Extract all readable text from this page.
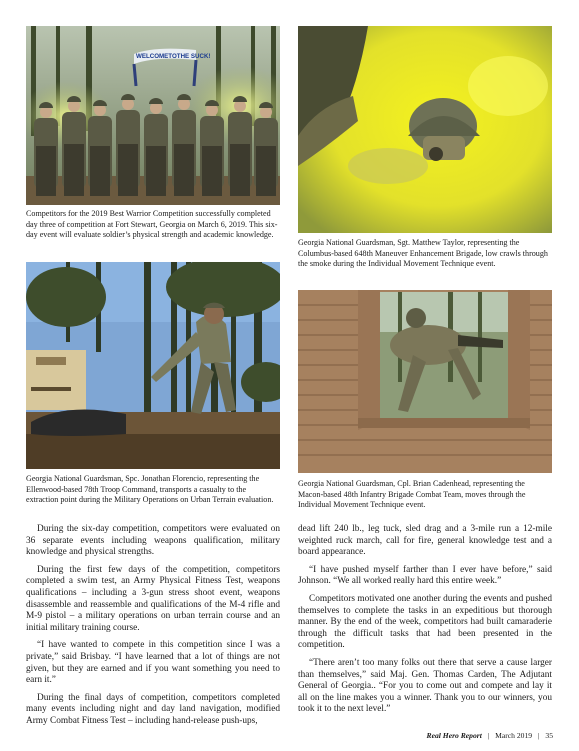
WELCOMETOTHE SUCK!
Competitors for the 2019 Best Warrior Competition successfully completed day three of competition at Fort Stewart, Georgia on March 6, 2019. This six-day event will evaluate soldier’s physical strength and academic knowledge.
Georgia National Guardsman, Sgt. Matthew Taylor, representing the Columbus-based 648th Maneuver Enhancement Brigade, low crawls through the smoke during the Individual Movement Technique event.
Georgia National Guardsman, Spc. Jonathan Florencio, representing the Ellenwood-based 78th Troop Command, transports a casualty to the extraction point during the Military Operations on Urban Terrain evaluation.
Georgia National Guardsman, Cpl. Brian Cadenhead, representing the Macon-based 48th Infantry Brigade Combat Team, moves through the Individual Movement Technique event.

During the six-day competition, competitors were evaluated on 36 separate events including weapons qualification, military knowledge and physical strengths.

During the first few days of the competition, competitors completed a swim test, an Army Physical Fitness Test, weapons qualifications – including a 3-gun stress shoot event, weapons disassemble and reassemble and qualifications of the M-4 rifle and M-9 pistol – a military operations on urban terrain course and an initial military training course.

“I have wanted to compete in this competition since I was a private,” said Brisbay. “I have learned that a lot of things are not given, but they are earned and if you want something you need to earn it.”

During the final days of competition, competitors completed many events including night and day land navigation, modified Army Combat Fitness Test – including hand-release push-ups,

dead lift 240 lb., leg tuck, sled drag and a 3-mile run a 12-mile weighted ruck march, call for fire, general knowledge test and a board appearance.

“I have pushed myself farther than I ever have before,” said Johnson. “We all worked really hard this entire week.”

Competitors motivated one another during the events and pushed themselves to complete the tasks in an expeditious but thorough manner. By the end of the week, competitors had built camaraderie through the difficult tasks that had been presented in the competition.

“There aren’t too many folks out there that serve a cause larger than themselves,” said Maj. Gen. Thomas Carden, The Adjutant General of Georgia.. “For you to come out and compete and lay it all on the line makes you a winner. Thank you to our winners, you took it to the next level.”

Real Hero Report | March 2019 | 35
